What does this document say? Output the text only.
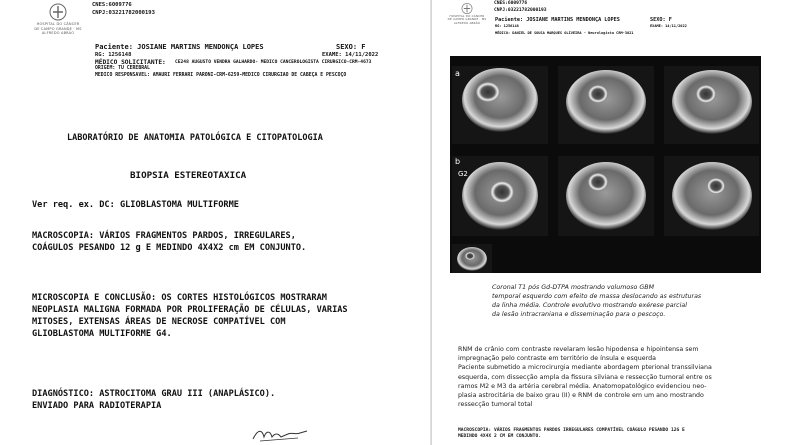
HOSPITAL DO CÂNCER
DE CAMPO GRANDE · MS
ALFREDO ABRÃO
CNES:6009776
CNPJ:03221782000193
Paciente: JOSIANE MARTINS MENDONÇA LOPES	SEXO: F
RG: 1256148	EXAME: 14/11/2022
MÉDICO SOLICITANTE: CE248 AUGUSTO VENDRA GALHARDO- MEDICO CANCEROLOGISTA CIRURGICO-CRM-4673
ORIGEM: TU CEREBRAL
MEDICO RESPONSAVEL: AMAURI FERRARI PARONI-CRM-6259-MEDICO CIRURGIAO DE CABEÇA E PESCOÇO
LABORATÓRIO DE ANATOMIA PATOLÓGICA E CITOPATOLOGIA
BIOPSIA ESTEREOTAXICA
Ver req. ex. DC: GLIOBLASTOMA MULTIFORME
MACROSCOPIA: VÁRIOS FRAGMENTOS PARDOS, IRREGULARES,
COÁGULOS PESANDO 12 g E MEDINDO 4X4X2 cm EM CONJUNTO.
MICROSCOPIA E CONCLUSÃO: OS CORTES HISTOLÓGICOS MOSTRARAM
NEOPLASIA MALIGNA FORMADA POR PROLIFERAÇÃO DE CÉLULAS, VARIAS
MITOSES, EXTENSAS ÁREAS DE NECROSE COMPATÍVEL COM
GLIOBLASTOMA MULTIFORME G4.
DIAGNÓSTICO: ASTROCITOMA GRAU III (ANAPLÁSICO).
ENVIADO PARA RADIOTERAPIA
HOSPITAL DO CÂNCER
DE CAMPO GRANDE · MS
ALFREDO ABRÃO
CNES:6009776
CNPJ:03221782000193
Paciente: JOSIANE MARTINS MENDONÇA LOPES	SEXO: F
RG: 1256148	EXAME: 14/11/2022
MÉDICO: DANIEL DE SOUSA MARQUES OLIVEIRA - Neurologista CRM-3021
a
b
G2
Coronal T1 pós Gd-DTPA mostrando volumoso GBM
temporal esquerdo com efeito de massa deslocando as estruturas
da linha média. Controle evolutivo mostrando exérese parcial
da lesão intracraniana e disseminação para o pescoço.

RNM de crânio com contraste revelaram lesão hipodensa e hipointensa sem

impregnação pelo contraste em território de ínsula e esquerda

Paciente submetido a microcirurgia mediante abordagem pterional transsilviana

esquerda, com dissecção ampla da fissura silviana e ressecção tumoral entre os

ramos M2 e M3 da artéria cerebral média. Anatomopatológico evidenciou neo-

plasia astrocitária de baixo grau (II) e RNM de controle em um ano mostrando

ressecção tumoral total

MACROSCOPIA: VÁRIOS FRAGMENTOS PARDOS IRREGULARES COMPATÍVEL COÁGULO PESANDO 12G E
MEDINDO 4X4X 2 CM EM CONJUNTO.
